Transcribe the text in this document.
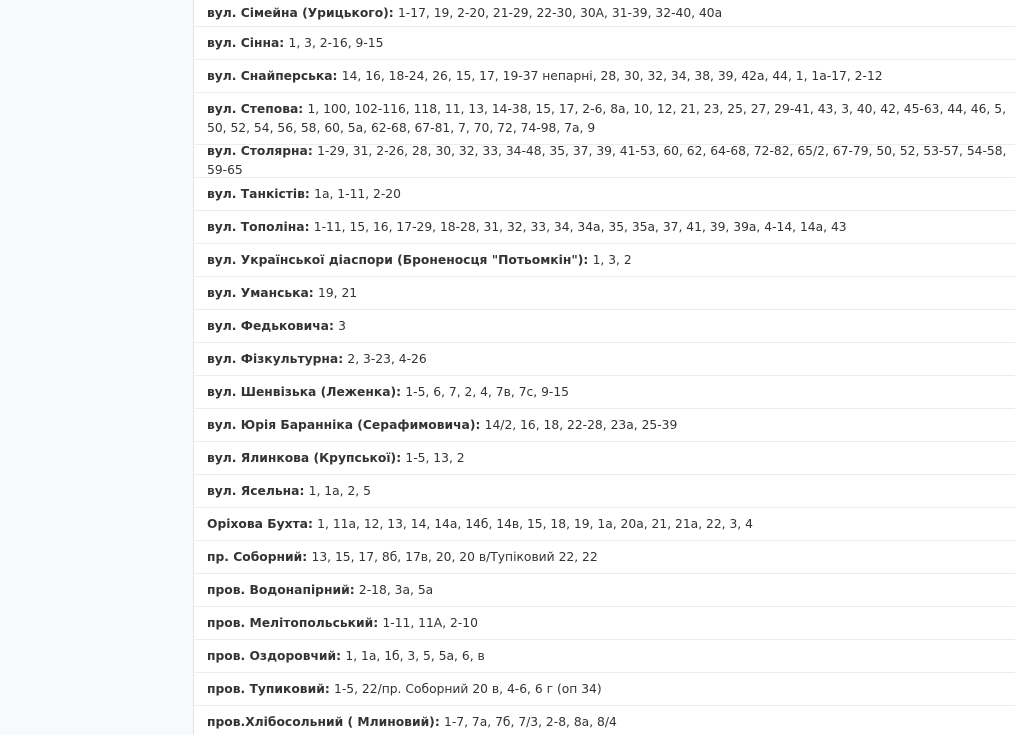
вул. Сімейна (Урицького): 1-17, 19, 2-20, 21-29, 22-30, 30А, 31-39, 32-40, 40а
вул. Сінна: 1, 3, 2-16, 9-15
вул. Снайперська: 14, 16, 18-24, 26, 15, 17, 19-37 непарні, 28, 30, 32, 34, 38, 39, 42а, 44, 1, 1а-17, 2-12
вул. Степова: 1, 100, 102-116, 118, 11, 13, 14-38, 15, 17, 2-6, 8а, 10, 12, 21, 23, 25, 27, 29-41, 43, 3, 40, 42, 45-63, 44, 46, 5, 50, 52, 54, 56, 58, 60, 5а, 62-68, 67-81, 7, 70, 72, 74-98, 7а, 9
вул. Столярна: 1-29, 31, 2-26, 28, 30, 32, 33, 34-48, 35, 37, 39, 41-53, 60, 62, 64-68, 72-82, 65/2, 67-79, 50, 52, 53-57, 54-58, 59-65
вул. Танкістів: 1а, 1-11, 2-20
вул. Тополіна: 1-11, 15, 16, 17-29, 18-28, 31, 32, 33, 34, 34а, 35, 35а, 37, 41, 39, 39а, 4-14, 14а, 43
вул. Української діаспори (Броненосця "Потьомкін"): 1, 3, 2
вул. Уманська: 19, 21
вул. Федьковича: 3
вул. Фізкультурна: 2, 3-23, 4-26
вул. Шенвізька (Леженка): 1-5, 6, 7, 2, 4, 7в, 7с, 9-15
вул. Юрія Баранніка (Серафимовича): 14/2, 16, 18, 22-28, 23а, 25-39
вул. Ялинкова (Крупської): 1-5, 13, 2
вул. Ясельна: 1, 1а, 2, 5
Оріхова Бухта: 1, 11а, 12, 13, 14, 14а, 14б, 14в, 15, 18, 19, 1а, 20а, 21, 21а, 22, 3, 4
пр. Соборний: 13, 15, 17, 8б, 17в, 20, 20 в/Тупіковий 22, 22
пров. Водонапірний: 2-18, 3а, 5а
пров. Мелітопольський: 1-11, 11А, 2-10
пров. Оздоровчий: 1, 1а, 1б, 3, 5, 5а, 6, в
пров. Тупиковий: 1-5, 22/пр. Соборний 20 в, 4-6, 6 г (оп 34)
пров.Хлібосольний ( Млиновий): 1-7, 7а, 7б, 7/3, 2-8, 8а, 8/4
